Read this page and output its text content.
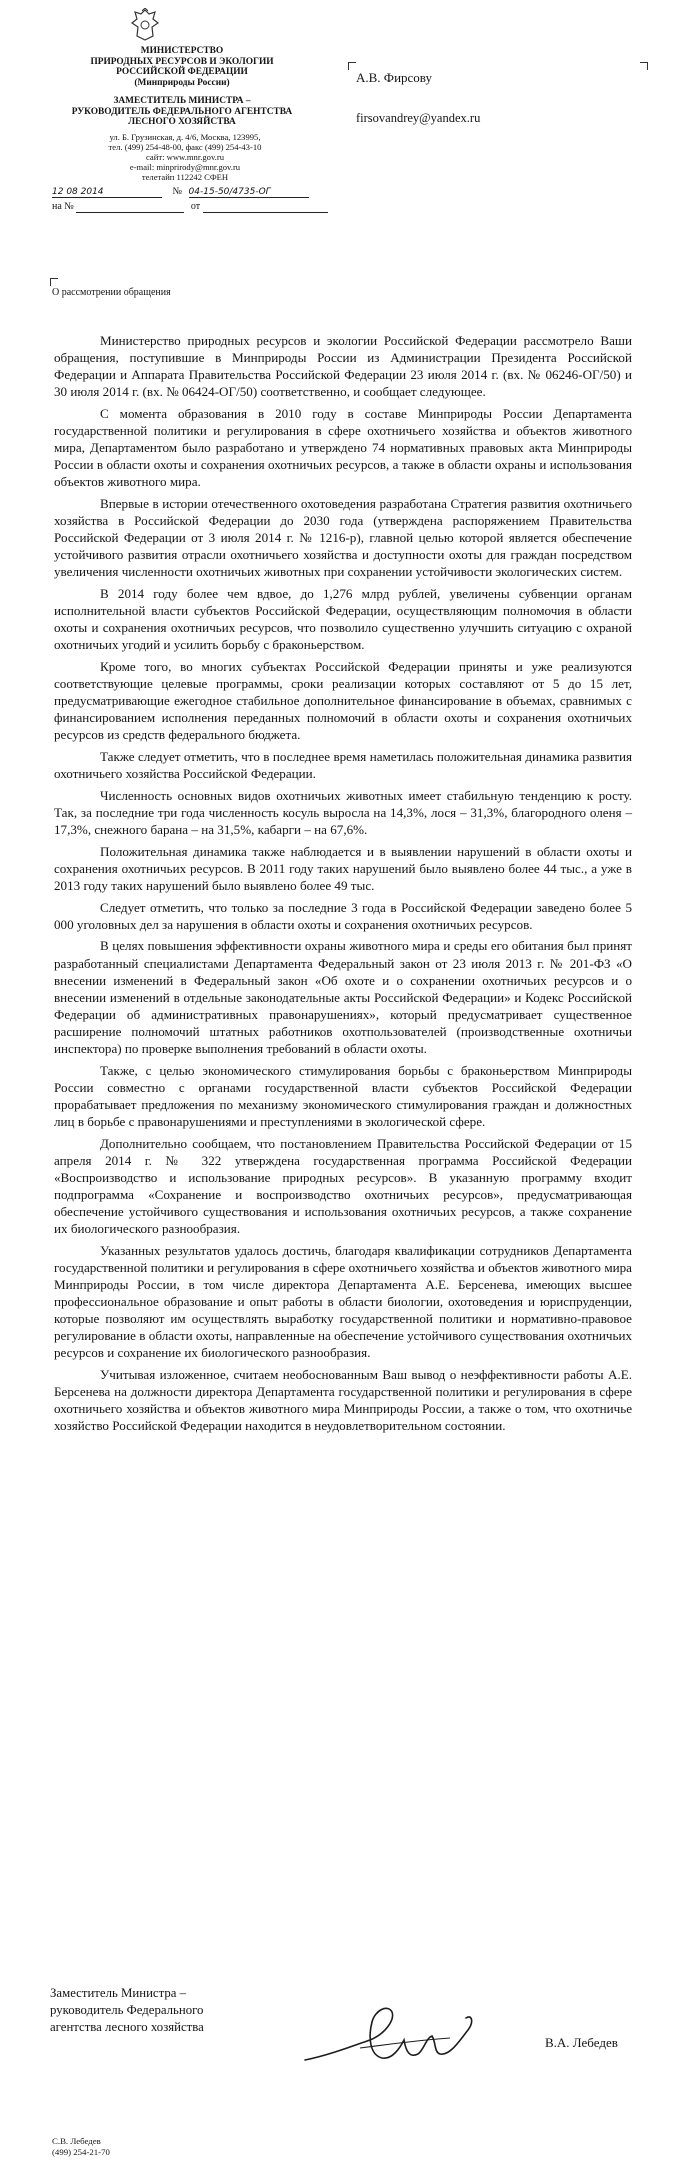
МИНИСТЕРСТВО
ПРИРОДНЫХ РЕСУРСОВ И ЭКОЛОГИИ
РОССИЙСКОЙ ФЕДЕРАЦИИ
(Минприроды России)
ЗАМЕСТИТЕЛЬ МИНИСТРА –
РУКОВОДИТЕЛЬ ФЕДЕРАЛЬНОГО АГЕНТСТВА
ЛЕСНОГО ХОЗЯЙСТВА
ул. Б. Грузинская, д. 4/6, Москва, 123995,
тел. (499) 254-48-00, факс (499) 254-43-10
сайт: www.mnr.gov.ru
e-mail: minprirody@mnr.gov.ru
телетайп 112242 СФЕН
12 08 2014	№ 04-15-50/4735-ОГ
на №	от
А.В. Фирсову
firsovandrey@yandex.ru
О рассмотрении обращения

Министерство природных ресурсов и экологии Российской Федерации рассмотрело Ваши обращения, поступившие в Минприроды России из Администрации Президента Российской Федерации и Аппарата Правительства Российской Федерации 23 июля 2014 г. (вх. № 06246-ОГ/50) и 30 июля 2014 г. (вх. № 06424-ОГ/50) соответственно, и сообщает следующее.

С момента образования в 2010 году в составе Минприроды России Департамента государственной политики и регулирования в сфере охотничьего хозяйства и объектов животного мира, Департаментом было разработано и утверждено 74 нормативных правовых акта Минприроды России в области охоты и сохранения охотничьих ресурсов, а также в области охраны и использования объектов животного мира.

Впервые в истории отечественного охотоведения разработана Стратегия развития охотничьего хозяйства в Российской Федерации до 2030 года (утверждена распоряжением Правительства Российской Федерации от 3 июля 2014 г. № 1216-р), главной целью которой является обеспечение устойчивого развития отрасли охотничьего хозяйства и доступности охоты для граждан посредством увеличения численности охотничьих животных при сохранении устойчивости экологических систем.

В 2014 году более чем вдвое, до 1,276 млрд рублей, увеличены субвенции органам исполнительной власти субъектов Российской Федерации, осуществляющим полномочия в области охоты и сохранения охотничьих ресурсов, что позволило существенно улучшить ситуацию с охраной охотничьих угодий и усилить борьбу с браконьерством.

Кроме того, во многих субъектах Российской Федерации приняты и уже реализуются соответствующие целевые программы, сроки реализации которых составляют от 5 до 15 лет, предусматривающие ежегодное стабильное дополнительное финансирование в объемах, сравнимых с финансированием исполнения переданных полномочий в области охоты и сохранения охотничьих ресурсов из средств федерального бюджета.

Также следует отметить, что в последнее время наметилась положительная динамика развития охотничьего хозяйства Российской Федерации.

Численность основных видов охотничьих животных имеет стабильную тенденцию к росту. Так, за последние три года численность косуль выросла на 14,3%, лося – 31,3%, благородного оленя – 17,3%, снежного барана – на 31,5%, кабарги – на 67,6%.

Положительная динамика также наблюдается и в выявлении нарушений в области охоты и сохранения охотничьих ресурсов. В 2011 году таких нарушений было выявлено более 44 тыс., а уже в 2013 году таких нарушений было выявлено более 49 тыс.

Следует отметить, что только за последние 3 года в Российской Федерации заведено более 5 000 уголовных дел за нарушения в области охоты и сохранения охотничьих ресурсов.

В целях повышения эффективности охраны животного мира и среды его обитания был принят разработанный специалистами Департамента Федеральный закон от 23 июля 2013 г. № 201-ФЗ «О внесении изменений в Федеральный закон «Об охоте и о сохранении охотничьих ресурсов и о внесении изменений в отдельные законодательные акты Российской Федерации» и Кодекс Российской Федерации об административных правонарушениях», который предусматривает существенное расширение полномочий штатных работников охотпользователей (производственные охотничьи инспектора) по проверке выполнения требований в области охоты.

Также, с целью экономического стимулирования борьбы с браконьерством Минприроды России совместно с органами государственной власти субъектов Российской Федерации прорабатывает предложения по механизму экономического стимулирования граждан и должностных лиц в борьбе с правонарушениями и преступлениями в экологической сфере.

Дополнительно сообщаем, что постановлением Правительства Российской Федерации от 15 апреля 2014 г. № 322 утверждена государственная программа Российской Федерации «Воспроизводство и использование природных ресурсов». В указанную программу входит подпрограмма «Сохранение и воспроизводство охотничьих ресурсов», предусматривающая обеспечение устойчивого существования и использования охотничьих ресурсов, а также сохранение их биологического разнообразия.

Указанных результатов удалось достичь, благодаря квалификации сотрудников Департамента государственной политики и регулирования в сфере охотничьего хозяйства и объектов животного мира Минприроды России, в том числе директора Департамента А.Е. Берсенева, имеющих высшее профессиональное образование и опыт работы в области биологии, охотоведения и юриспруденции, которые позволяют им осуществлять выработку государственной политики и нормативно-правовое регулирование в области охоты, направленные на обеспечение устойчивого существования охотничьих ресурсов и сохранение их биологического разнообразия.

Учитывая изложенное, считаем необоснованным Ваш вывод о неэффективности работы А.Е. Берсенева на должности директора Департамента государственной политики и регулирования в сфере охотничьего хозяйства и объектов животного мира Минприроды России, а также о том, что охотничье хозяйство Российской Федерации находится в неудовлетворительном состоянии.

Заместитель Министра –
руководитель Федерального
агентства лесного хозяйства
В.А. Лебедев
С.В. Лебедев
(499) 254-21-70
